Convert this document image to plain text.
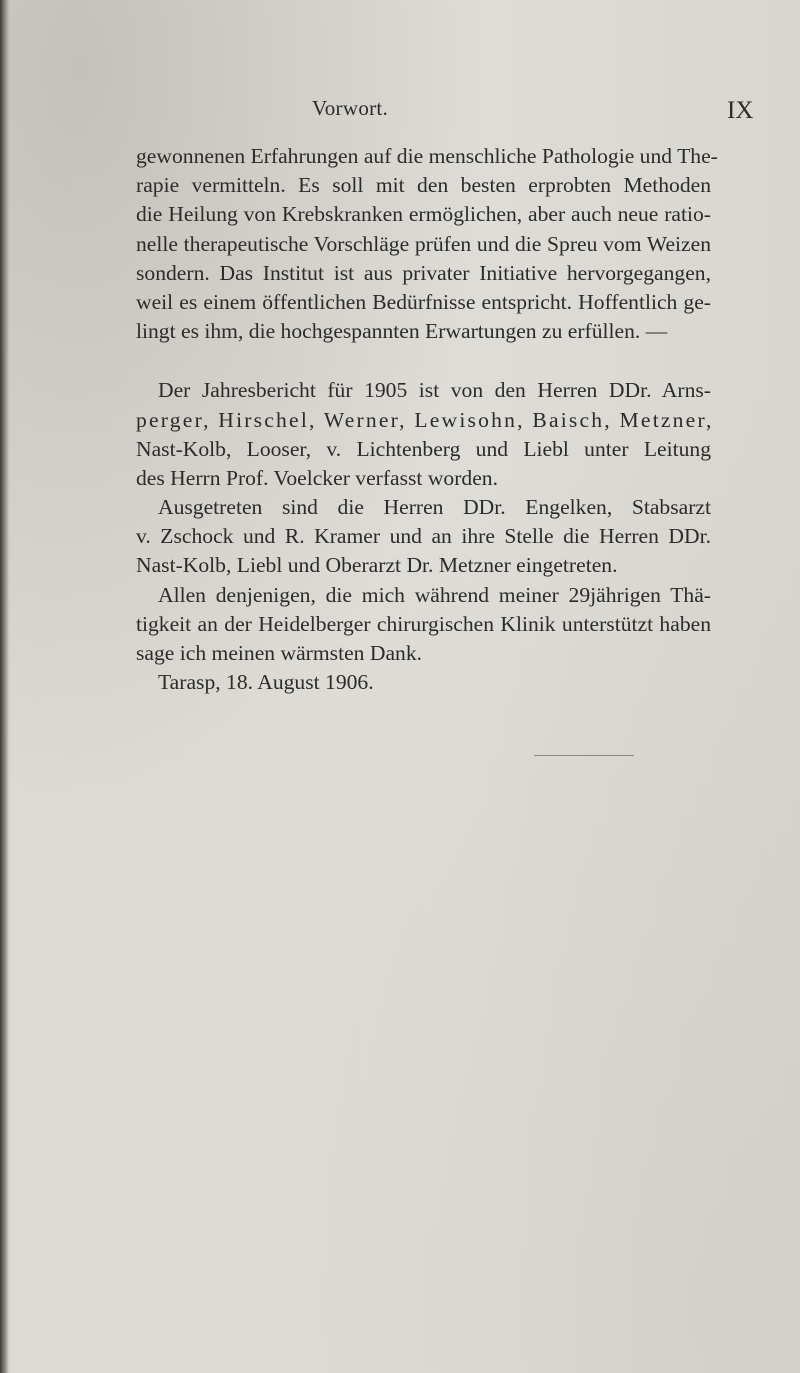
Vorwort.	IX
gewonnenen Erfahrungen auf die menschliche Pathologie und The-
rapie vermitteln. Es soll mit den besten erprobten Methoden
die Heilung von Krebskranken ermöglichen, aber auch neue ratio-
nelle therapeutische Vorschläge prüfen und die Spreu vom Weizen
sondern. Das Institut ist aus privater Initiative hervorgegangen,
weil es einem öffentlichen Bedürfnisse entspricht. Hoffentlich ge-
lingt es ihm, die hochgespannten Erwartungen zu erfüllen. —
Der Jahresbericht für 1905 ist von den Herren DDr. Arns-
perger, Hirschel, Werner, Lewisohn, Baisch, Metzner,
Nast-Kolb, Looser, v. Lichtenberg und Liebl unter Leitung
des Herrn Prof. Voelcker verfasst worden.
Ausgetreten sind die Herren DDr. Engelken, Stabsarzt
v. Zschock und R. Kramer und an ihre Stelle die Herren DDr.
Nast-Kolb, Liebl und Oberarzt Dr. Metzner eingetreten.
Allen denjenigen, die mich während meiner 29jährigen Thä-
tigkeit an der Heidelberger chirurgischen Klinik unterstützt haben
sage ich meinen wärmsten Dank.
Tarasp, 18. August 1906.
